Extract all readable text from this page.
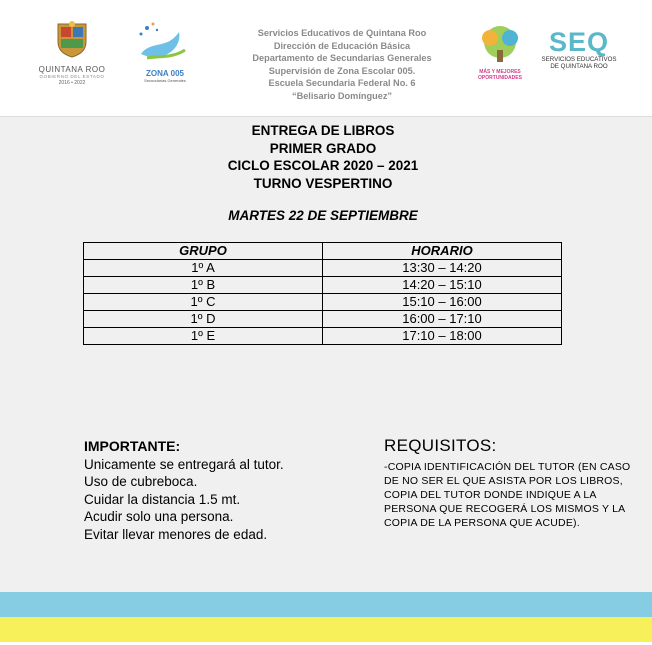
QUINTANA ROO
GOBIERNO DEL ESTADO
2016 • 2022
ZONA 005
Secundarias Generales
Servicios Educativos de Quintana Roo
Dirección de Educación Básica
Departamento de Secundarias Generales
Supervisión de Zona Escolar 005.
Escuela Secundaria Federal No. 6
“Belisario Domínguez”
MÁS Y MEJORES
OPORTUNIDADES
SEQ
SERVICIOS EDUCATIVOS
DE QUINTANA ROO
ENTREGA DE LIBROS
PRIMER GRADO
CICLO ESCOLAR 2020 – 2021
TURNO VESPERTINO
MARTES 22 DE SEPTIEMBRE
GRUPO	HORARIO
1º A	13:30 – 14:20
1º B	14:20 – 15:10
1º C	15:10 – 16:00
1º D	16:00 – 17:10
1º E	17:10 – 18:00
IMPORTANTE:
Unicamente se entregará al tutor.
Uso de cubreboca.
Cuidar la distancia 1.5 mt.
Acudir solo una persona.
Evitar llevar menores de edad.
REQUISITOS:
-COPIA IDENTIFICACIÓN DEL TUTOR (EN CASO DE NO SER EL QUE ASISTA POR LOS LIBROS, COPIA DEL TUTOR DONDE INDIQUE A LA PERSONA QUE RECOGERÁ LOS MISMOS Y LA COPIA DE LA PERSONA QUE ACUDE).
